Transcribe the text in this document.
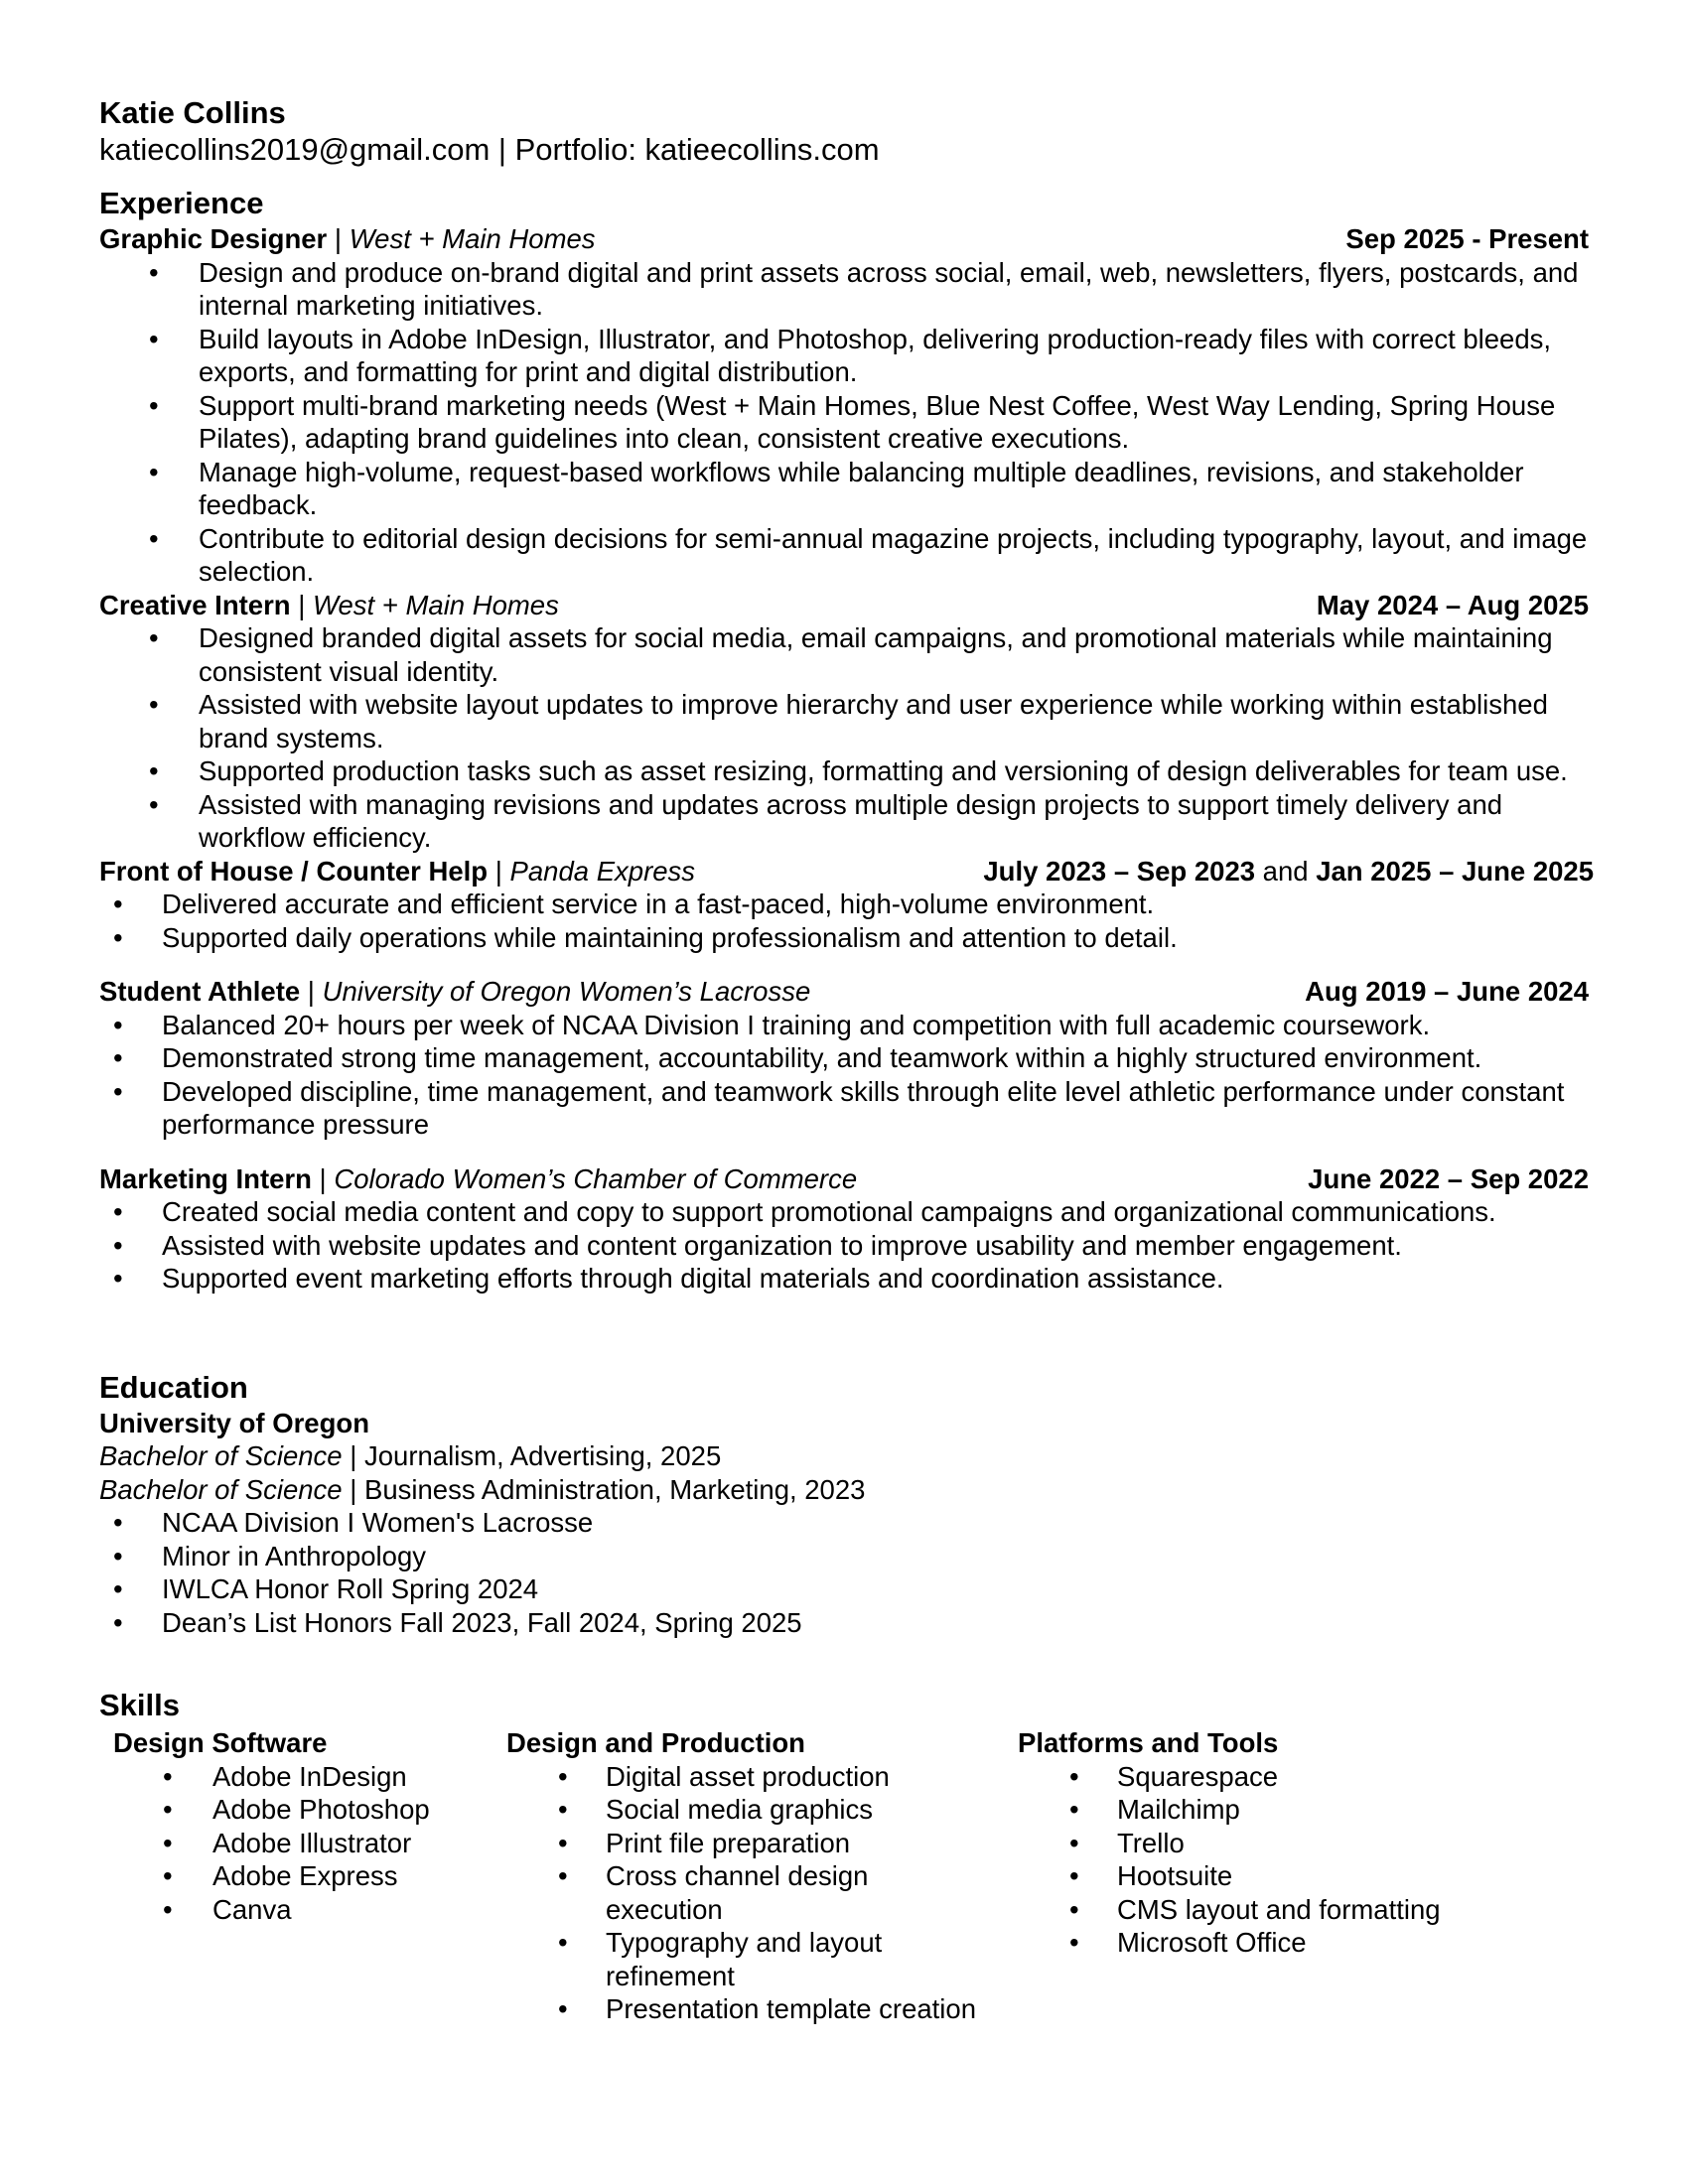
Katie Collins
katiecollins2019@gmail.com | Portfolio: katieecollins.com
Experience
Graphic Designer | West + Main Homes	Sep 2025 - Present
• Design and produce on-brand digital and print assets across social, email, web, newsletters, flyers, postcards, and internal marketing initiatives.
• Build layouts in Adobe InDesign, Illustrator, and Photoshop, delivering production-ready files with correct bleeds, exports, and formatting for print and digital distribution.
• Support multi-brand marketing needs (West + Main Homes, Blue Nest Coffee, West Way Lending, Spring House Pilates), adapting brand guidelines into clean, consistent creative executions.
• Manage high-volume, request-based workflows while balancing multiple deadlines, revisions, and stakeholder feedback.
• Contribute to editorial design decisions for semi-annual magazine projects, including typography, layout, and image selection.
Creative Intern | West + Main Homes	May 2024 – Aug 2025
• Designed branded digital assets for social media, email campaigns, and promotional materials while maintaining consistent visual identity.
• Assisted with website layout updates to improve hierarchy and user experience while working within established brand systems.
• Supported production tasks such as asset resizing, formatting and versioning of design deliverables for team use.
• Assisted with managing revisions and updates across multiple design projects to support timely delivery and workflow efficiency.
Front of House / Counter Help | Panda Express	July 2023 – Sep 2023 and Jan 2025 – June 2025
• Delivered accurate and efficient service in a fast-paced, high-volume environment.
• Supported daily operations while maintaining professionalism and attention to detail.
Student Athlete | University of Oregon Women’s Lacrosse	Aug 2019 – June 2024
• Balanced 20+ hours per week of NCAA Division I training and competition with full academic coursework.
• Demonstrated strong time management, accountability, and teamwork within a highly structured environment.
• Developed discipline, time management, and teamwork skills through elite level athletic performance under constant performance pressure
Marketing Intern | Colorado Women’s Chamber of Commerce	June 2022 – Sep 2022
• Created social media content and copy to support promotional campaigns and organizational communications.
• Assisted with website updates and content organization to improve usability and member engagement.
• Supported event marketing efforts through digital materials and coordination assistance.
Education
University of Oregon
Bachelor of Science | Journalism, Advertising, 2025
Bachelor of Science | Business Administration, Marketing, 2023
• NCAA Division I Women's Lacrosse
• Minor in Anthropology
• IWLCA Honor Roll Spring 2024
• Dean’s List Honors Fall 2023, Fall 2024, Spring 2025
Skills
Design Software
• Adobe InDesign
• Adobe Photoshop
• Adobe Illustrator
• Adobe Express
• Canva
Design and Production
• Digital asset production
• Social media graphics
• Print file preparation
• Cross channel design execution
• Typography and layout refinement
• Presentation template creation
Platforms and Tools
• Squarespace
• Mailchimp
• Trello
• Hootsuite
• CMS layout and formatting
• Microsoft Office
